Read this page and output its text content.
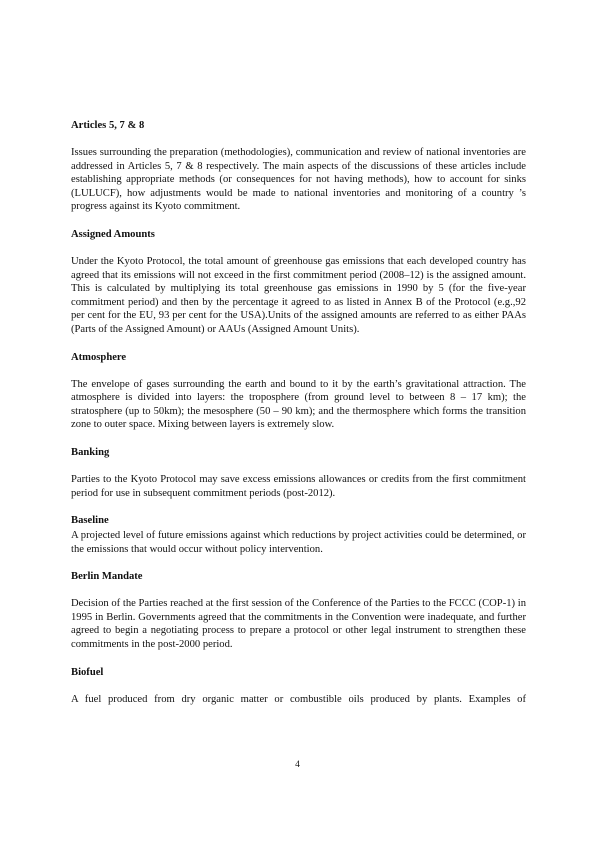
Articles 5, 7 & 8

Issues surrounding the preparation (methodologies), communication and review of national inventories are addressed in Articles 5, 7 & 8 respectively. The main aspects of the discussions of these articles include establishing appropriate methods (or consequences for not having methods), how to account for sinks (LULUCF), how adjustments would be made to national inventories and monitoring of a country ’s progress against its Kyoto commitment.

Assigned Amounts

Under the Kyoto Protocol, the total amount of greenhouse gas emissions that each developed country has agreed that its emissions will not exceed in the first commitment period (2008–12) is the assigned amount. This is calculated by multiplying its total greenhouse gas emissions in 1990 by 5 (for the five-year commitment period) and then by the percentage it agreed to as listed in Annex B of the Protocol (e.g.,92 per cent for the EU, 93 per cent for the USA).Units of the assigned amounts are referred to as either PAAs (Parts of the Assigned Amount) or AAUs (Assigned Amount Units).

Atmosphere

The envelope of gases surrounding the earth and bound to it by the earth’s gravitational attraction. The atmosphere is divided into layers: the troposphere (from ground level to between 8 – 17 km); the stratosphere (up to 50km); the mesosphere (50 – 90 km); and the thermosphere which forms the transition zone to outer space. Mixing between layers is extremely slow.

Banking

Parties to the Kyoto Protocol may save excess emissions allowances or credits from the first commitment period for use in subsequent commitment periods (post-2012).

Baseline

A projected level of future emissions against which reductions by project activities could be determined, or the emissions that would occur without policy intervention.

Berlin Mandate

Decision of the Parties reached at the first session of the Conference of the Parties to the FCCC (COP-1) in 1995 in Berlin. Governments agreed that the commitments in the Convention were inadequate, and further agreed to begin a negotiating process to prepare a protocol or other legal instrument to strengthen these commitments in the post-2000 period.

Biofuel

A fuel produced from dry organic matter or combustible oils produced by plants. Examples of

4
